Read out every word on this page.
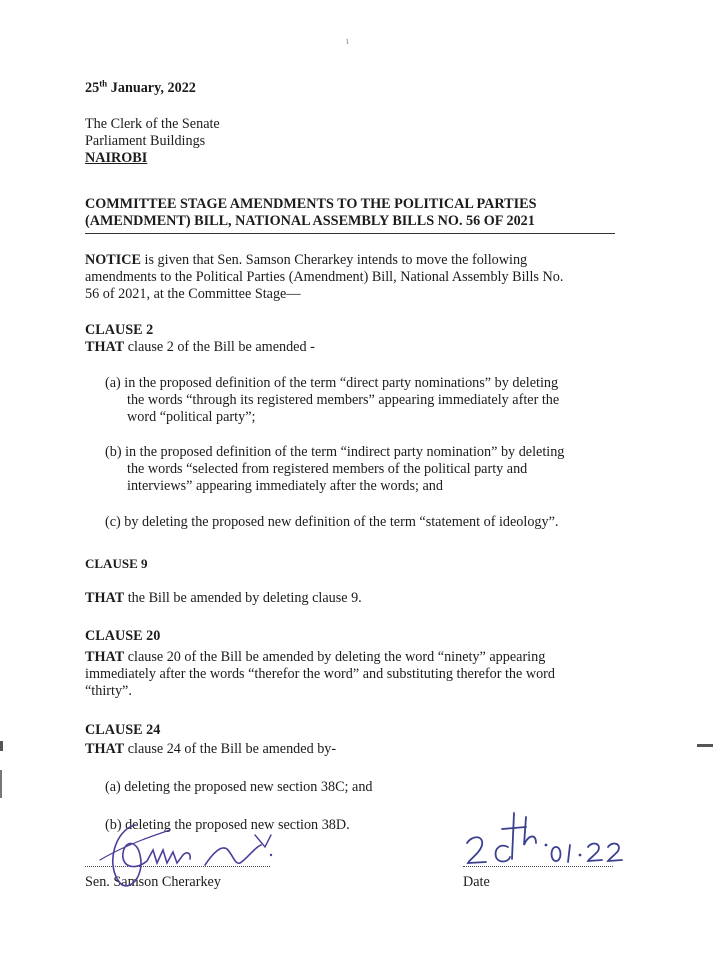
ι
25th January, 2022
The Clerk of the Senate
Parliament Buildings
NAIROBI
COMMITTEE STAGE AMENDMENTS TO THE POLITICAL PARTIES
(AMENDMENT) BILL, NATIONAL ASSEMBLY BILLS NO. 56 OF 2021
NOTICE is given that Sen. Samson Cherarkey intends to move the following
amendments to the Political Parties (Amendment) Bill, National Assembly Bills No.
56 of 2021, at the Committee Stage—
CLAUSE 2
THAT clause 2 of the Bill be amended -
(a) in the proposed definition of the term “direct party nominations” by deleting
the words “through its registered members” appearing immediately after the
word “political party”;
(b) in the proposed definition of the term “indirect party nomination” by deleting
the words “selected from registered members of the political party and
interviews” appearing immediately after the words; and
(c) by deleting the proposed new definition of the term “statement of ideology”.
CLAUSE 9
THAT the Bill be amended by deleting clause 9.
CLAUSE 20
THAT clause 20 of the Bill be amended by deleting the word “ninety” appearing
immediately after the words “therefor the word” and substituting therefor the word
“thirty”.
CLAUSE 24
THAT clause 24 of the Bill be amended by-
(a) deleting the proposed new section 38C; and
(b) deleting the proposed new section 38D.
Sen. Samson Cherarkey	Date
